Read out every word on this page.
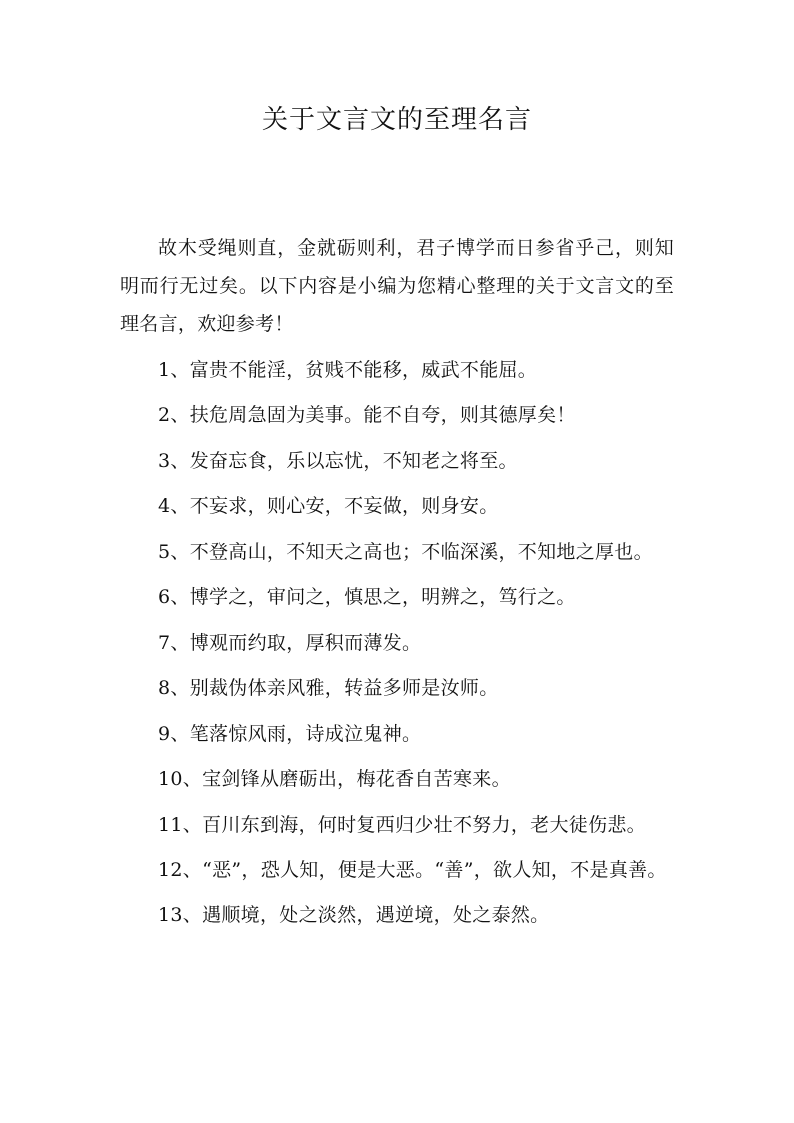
关于文言文的至理名言

故木受绳则直，金就砺则利，君子博学而日参省乎己，则知明而行无过矣。以下内容是小编为您精心整理的关于文言文的至理名言，欢迎参考！

1、富贵不能淫，贫贱不能移，威武不能屈。

2、扶危周急固为美事。能不自夸，则其德厚矣！

3、发奋忘食，乐以忘忧，不知老之将至。

4、不妄求，则心安，不妄做，则身安。

5、不登高山，不知天之高也；不临深溪，不知地之厚也。

6、博学之，审问之，慎思之，明辨之，笃行之。

7、博观而约取，厚积而薄发。

8、别裁伪体亲风雅，转益多师是汝师。

9、笔落惊风雨，诗成泣鬼神。

10、宝剑锋从磨砺出，梅花香自苦寒来。

11、百川东到海，何时复西归少壮不努力，老大徒伤悲。

12、“恶”，恐人知，便是大恶。“善”，欲人知，不是真善。

13、遇顺境，处之淡然，遇逆境，处之泰然。
